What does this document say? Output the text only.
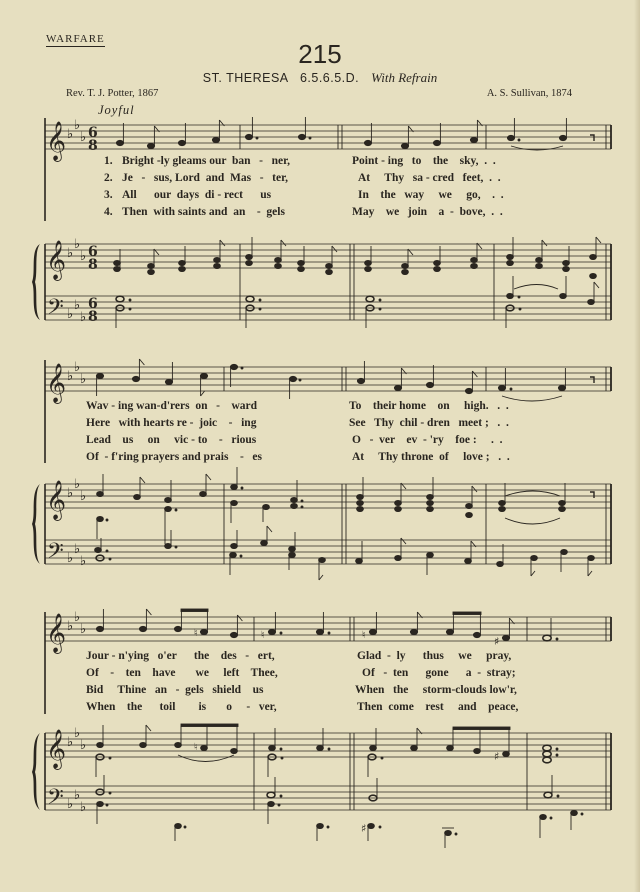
WARFARE	215
ST. THERESA 6.5.6.5.D. With Refrain
Rev. T. J. Potter, 1867	A. S. Sullivan, 1874
Joyful
𝄞
𝄞
𝄢
𝄞
𝄞
𝄢
𝄞
𝄞
𝄢
♭
♭
♭
♭
♭
♭
♭
♭
♭
♭
♭
♭
♭
♭
♭
♭
♭
♭
♭
♭
♭
♭
♭
♭
♭
♭
♭
6
8
6
8
6
8
♮	♮	♮	♯
♮
♯
♯
1. Bright -ly gleams our  ban   -   ner,	Point - ing   to    the    sky,  .  .
2. Je   -   sus, Lord  and  Mas   -   ter,	At     Thy   sa - cred   feet,  .  .
3. All      our  days  di - rect      us	In    the   way     we     go,    .  .
4. Then  with saints and  an    -  gels	May    we   join    a  -  bove,  .  .
Wav - ing wan-d'rers  on   -    ward	To    their home    on     high.   .  .
Here   with hearts re -  joic    -   ing	See   Thy  chil - dren   meet ;   .  .
Lead    us     on     vic - to    -   rious	O   -  ver    ev  - 'ry    foe :     .  .
Of  - f'ring prayers and prais    -   es	At     Thy throne  of     love ;   .  .
Jour - n'ying   o'er      the    des   -   ert,	Glad  -  ly      thus     we     pray,
Of    -    ten    have       we     left    Thee,	Of   -  ten      gone      a  -  stray;
Bid     Thine   an   -  gels   shield    us	When   the     storm-clouds low'r,
When    the      toil        is       o     -   ver,	Then  come    rest     and    peace,
